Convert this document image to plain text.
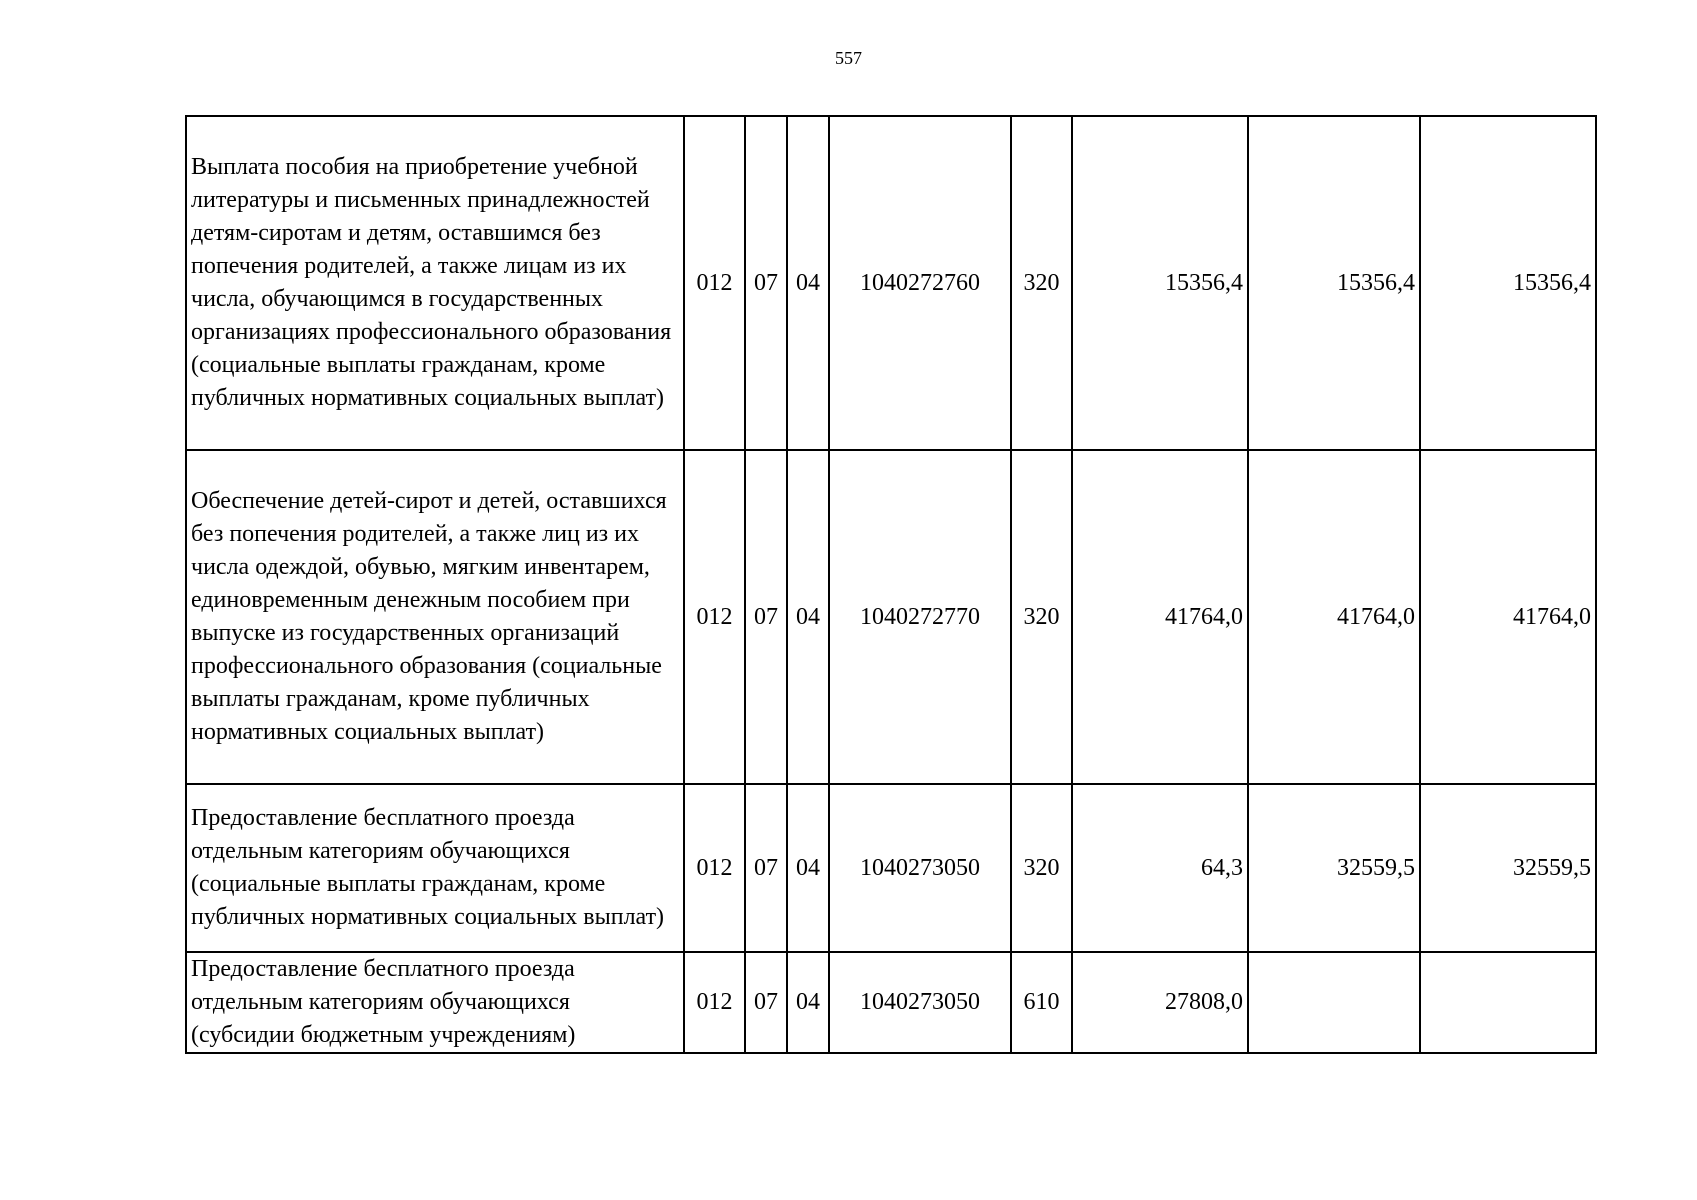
557
Выплата пособия на приобретение учебной литературы и письменных принадлежностей детям-сиротам и детям, оставшимся без попечения родителей, а также лицам из их числа, обучающимся в государственных организациях профессионального образования (социальные выплаты гражданам, кроме публичных нормативных социальных выплат)	012	07	04	1040272760	320	15356,4	15356,4	15356,4
Обеспечение детей-сирот и детей, оставшихся без попечения родителей, а также лиц из их числа одеждой, обувью, мягким инвентарем, единовременным денежным пособием при выпуске из государственных организаций профессионального образования (социальные выплаты гражданам, кроме публичных нормативных социальных выплат)	012	07	04	1040272770	320	41764,0	41764,0	41764,0
Предоставление бесплатного проезда отдельным категориям обучающихся (социальные выплаты гражданам, кроме публичных нормативных социальных выплат)	012	07	04	1040273050	320	64,3	32559,5	32559,5
Предоставление бесплатного проезда отдельным категориям обучающихся (субсидии бюджетным учреждениям)	012	07	04	1040273050	610	27808,0		
